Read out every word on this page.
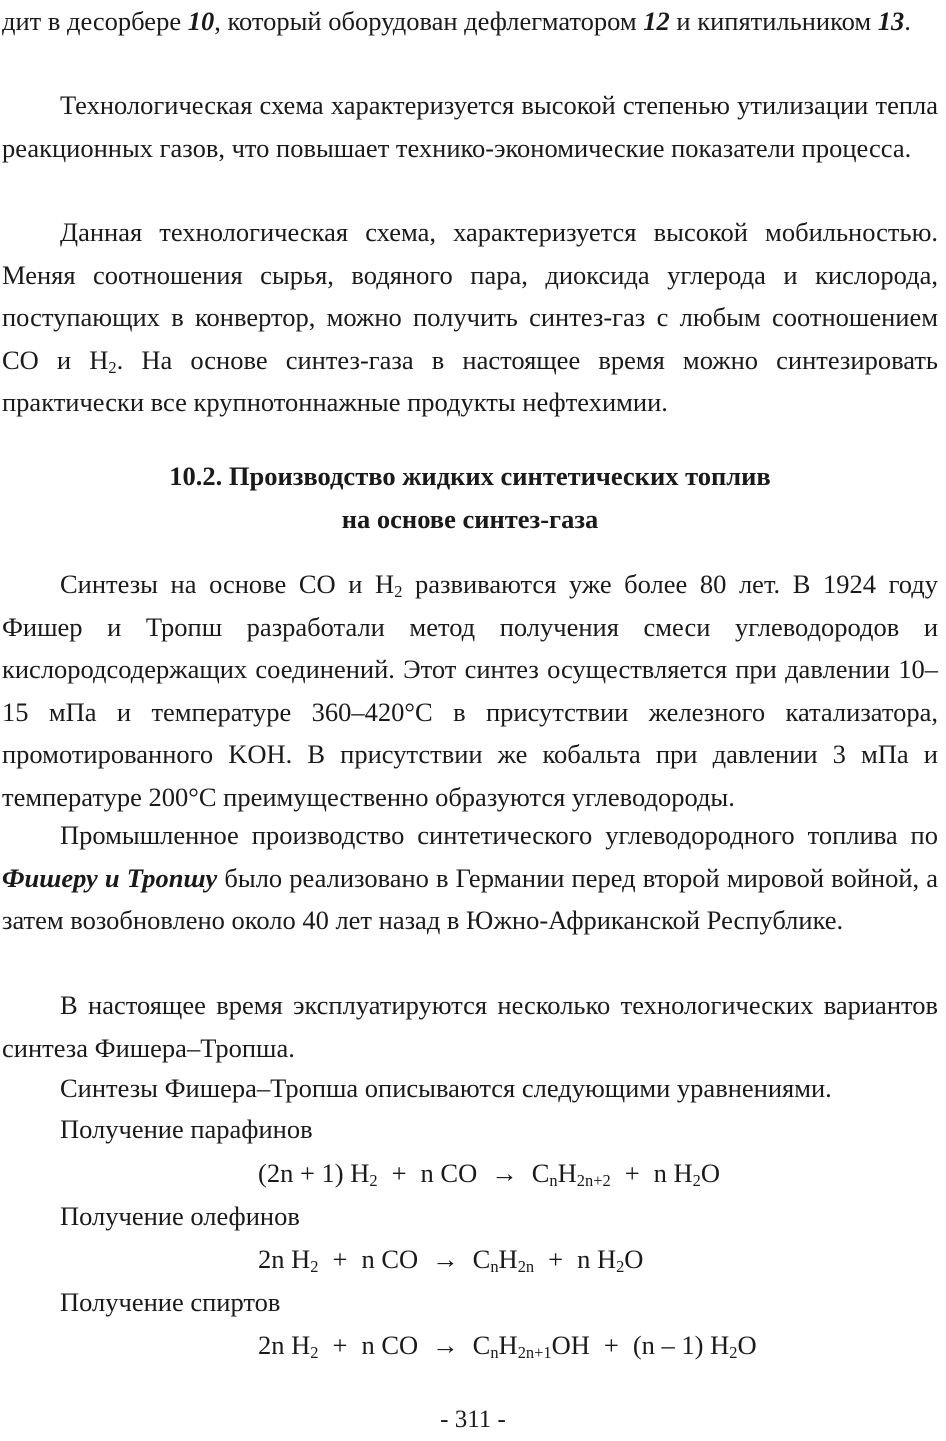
дит в десорбере 10, который оборудован дефлегматором 12 и кипятильником 13.

Технологическая схема характеризуется высокой степенью утилизации тепла реакционных газов, что повышает технико-экономические показатели процесса.

Данная технологическая схема, характеризуется высокой мобильностью. Меняя соотношения сырья, водяного пара, диоксида углерода и кислорода, поступающих в конвертор, можно получить синтез-газ с любым соотношением CO и $H_2$. На основе синтез-газа в настоящее время можно синтезировать практически все крупнотоннажные продукты нефтехимии.

10.2. Производство жидких синтетических топлив
на основе синтез-газа

Синтезы на основе CO и $H_2$ развиваются уже более 80 лет. В 1924 году Фишер и Тропш разработали метод получения смеси углеводородов и кислородсодержащих соединений. Этот синтез осуществляется при давлении 10–15 мПа и температуре 360–420°С в присутствии железного катализатора, промотированного KOH. В присутствии же кобальта при давлении 3 мПа и температуре 200°С преимущественно образуются углеводороды.

Промышленное производство синтетического углеводородного топлива по Фишеру и Тропшу было реализовано в Германии перед второй мировой войной, а затем возобновлено около 40 лет назад в Южно-Африканской Республике.

В настоящее время эксплуатируются несколько технологических вариантов синтеза Фишера–Тропша.

Синтезы Фишера–Тропша описываются следующими уравнениями.

Получение парафинов

(2n + 1) $H_2 + n$ CO → $C_nH_{2n+2} + n$ $H_2O$

Получение олефинов

2n $H_2 + n$ CO → $C_nH_{2n} + n$ $H_2O$

Получение спиртов

2n $H_2 + n$ CO → $C_nH_{2n+1}OH + (n - 1)$ $H_2O$

- 311 -
